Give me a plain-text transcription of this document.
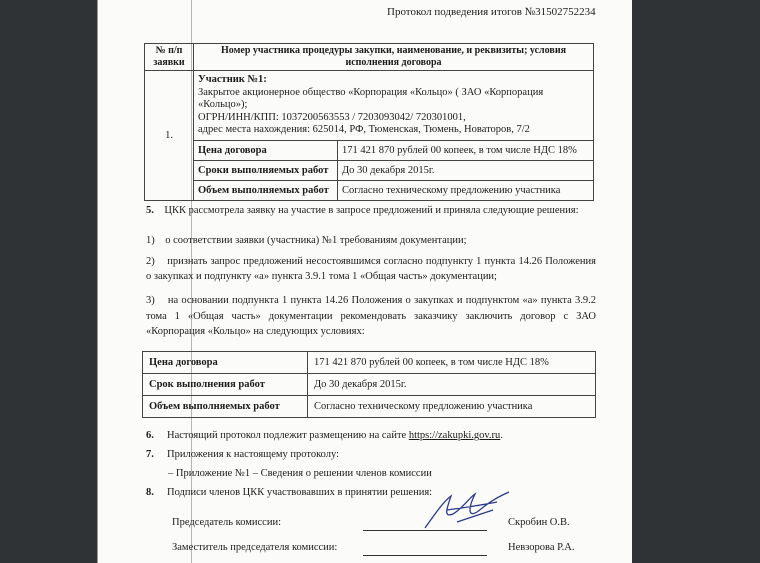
Протокол подведения итогов №31502752234
№ п/п заявки	Номер участника процедуры закупки, наименование, и реквизиты; условия исполнения договора	
1.	Участник №1:
Закрытое акционерное общество «Корпорация «Кольцо» ( ЗАО «Корпорация «Кольцо»);
ОГРН/ИНН/КПП: 1037200563553 / 7203093042/ 720301001,
адрес места нахождения: 625014, РФ, Тюменская, Тюмень, Новаторов, 7/2	
	Цена договора	171 421 870 рублей 00 копеек, в том числе НДС 18%
	Сроки выполняемых работ	До 30 декабря 2015г.
	Объем выполняемых работ	Согласно техническому предложению участника
5. ЦКК рассмотрела заявку на участие в запросе предложений и приняла следующие решения:
1) о соответствии заявки (участника) №1 требованиям документации;
2) признать запрос предложений несостоявшимся согласно подпункту 1 пункта 14.26 Положения о закупках и подпункту «а» пункта 3.9.1 тома 1 «Общая часть» документации;
3) на основании подпункта 1 пункта 14.26 Положения о закупках и подпунктом «а» пункта 3.9.2 тома 1 «Общая часть» документации рекомендовать заказчику заключить договор с ЗАО «Корпорация «Кольцо» на следующих условиях:
Цена договора	171 421 870 рублей 00 копеек, в том числе НДС 18%
Срок выполнения работ	До 30 декабря 2015г.
Объем выполняемых работ	Согласно техническому предложению участника
6. Настоящий протокол подлежит размещению на сайте https://zakupki.gov.ru.
7. Приложения к настоящему протоколу:
– Приложение №1 – Сведения о решении членов комиссии
8. Подписи членов ЦКК участвовавших в принятии решения:
Председатель комиссии:	Скробин О.В.
Заместитель председателя комиссии:	Невзорова Р.А.
